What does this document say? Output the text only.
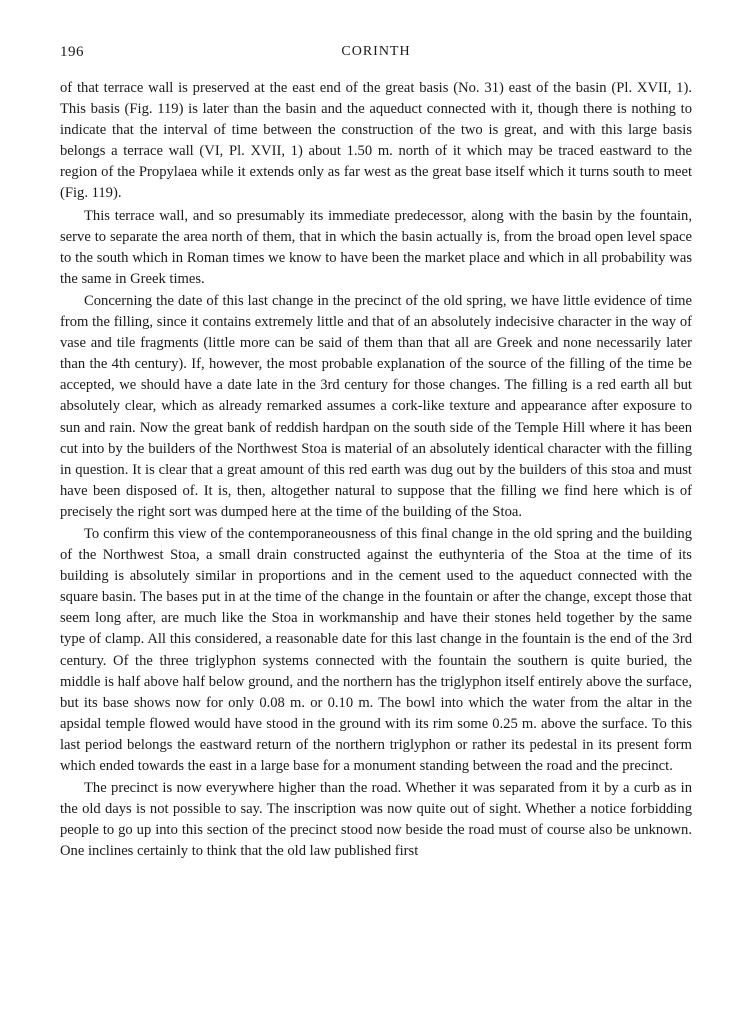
196	CORINTH

of that terrace wall is preserved at the east end of the great basis (No. 31) east of the basin (Pl. XVII, 1). This basis (Fig. 119) is later than the basin and the aqueduct connected with it, though there is nothing to indicate that the interval of time between the construction of the two is great, and with this large basis belongs a terrace wall (VI, Pl. XVII, 1) about 1.50 m. north of it which may be traced eastward to the region of the Propylaea while it extends only as far west as the great base itself which it turns south to meet (Fig. 119).

This terrace wall, and so presumably its immediate predecessor, along with the basin by the fountain, serve to separate the area north of them, that in which the basin actually is, from the broad open level space to the south which in Roman times we know to have been the market place and which in all probability was the same in Greek times.

Concerning the date of this last change in the precinct of the old spring, we have little evidence of time from the filling, since it contains extremely little and that of an absolutely indecisive character in the way of vase and tile fragments (little more can be said of them than that all are Greek and none necessarily later than the 4th century). If, however, the most probable explanation of the source of the filling of the time be accepted, we should have a date late in the 3rd century for those changes. The filling is a red earth all but absolutely clear, which as already remarked assumes a cork-like texture and appearance after exposure to sun and rain. Now the great bank of reddish hardpan on the south side of the Temple Hill where it has been cut into by the builders of the Northwest Stoa is material of an absolutely identical character with the filling in question. It is clear that a great amount of this red earth was dug out by the builders of this stoa and must have been disposed of. It is, then, altogether natural to suppose that the filling we find here which is of precisely the right sort was dumped here at the time of the building of the Stoa.

To confirm this view of the contemporaneousness of this final change in the old spring and the building of the Northwest Stoa, a small drain constructed against the euthynteria of the Stoa at the time of its building is absolutely similar in proportions and in the cement used to the aqueduct connected with the square basin. The bases put in at the time of the change in the fountain or after the change, except those that seem long after, are much like the Stoa in workmanship and have their stones held together by the same type of clamp. All this considered, a reasonable date for this last change in the fountain is the end of the 3rd century. Of the three triglyphon systems connected with the fountain the southern is quite buried, the middle is half above half below ground, and the northern has the triglyphon itself entirely above the surface, but its base shows now for only 0.08 m. or 0.10 m. The bowl into which the water from the altar in the apsidal temple flowed would have stood in the ground with its rim some 0.25 m. above the surface. To this last period belongs the eastward return of the northern triglyphon or rather its pedestal in its present form which ended towards the east in a large base for a monument standing between the road and the precinct.

The precinct is now everywhere higher than the road. Whether it was separated from it by a curb as in the old days is not possible to say. The inscription was now quite out of sight. Whether a notice forbidding people to go up into this section of the precinct stood now beside the road must of course also be unknown. One inclines certainly to think that the old law published first
